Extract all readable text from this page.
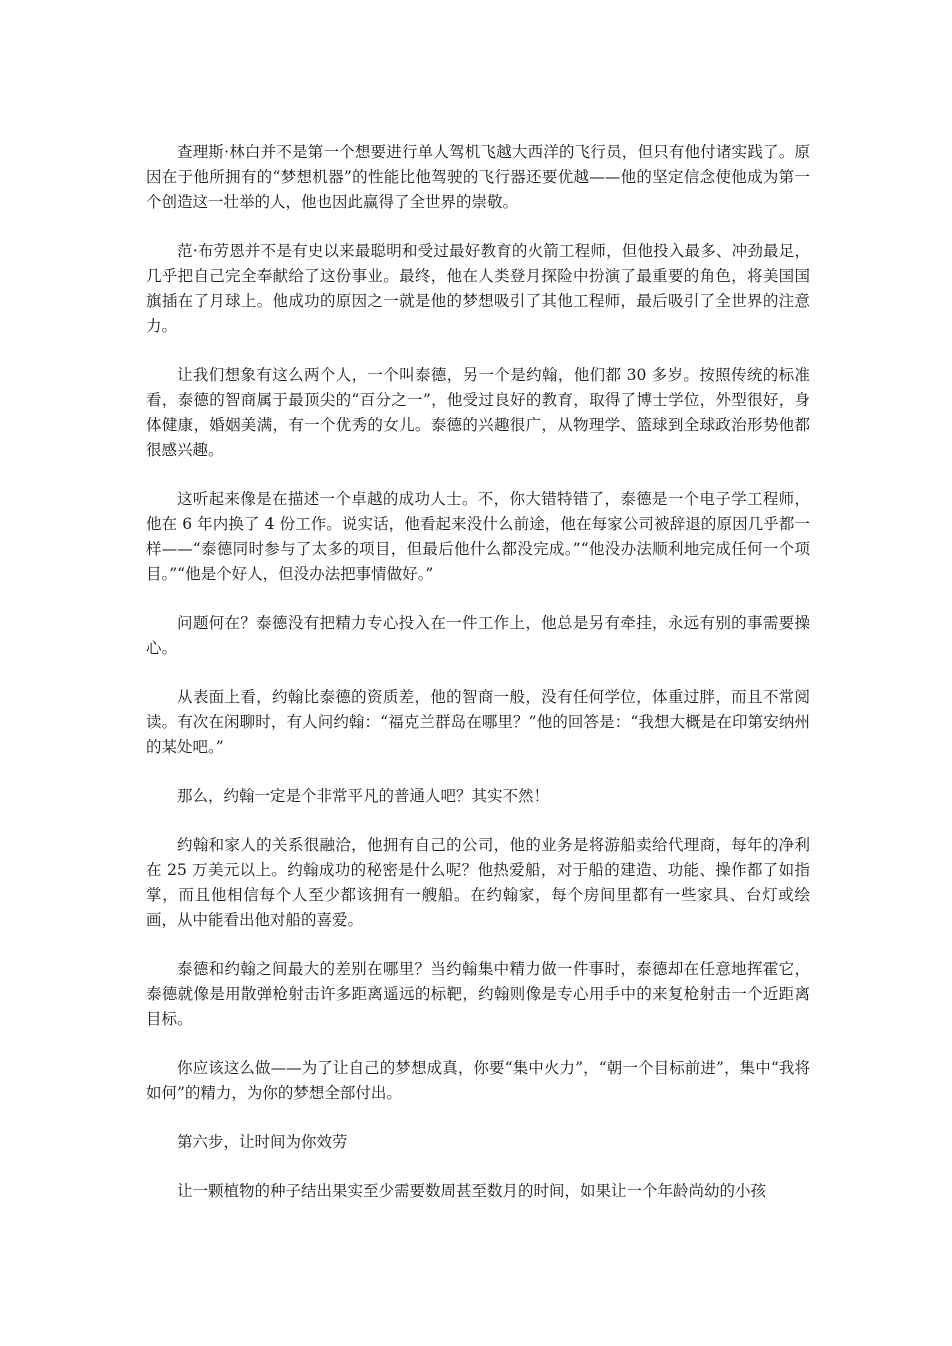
查理斯·林白并不是第一个想要进行单人驾机飞越大西洋的飞行员，但只有他付诸实践了。原因在于他所拥有的“梦想机器”的性能比他驾驶的飞行器还要优越——他的坚定信念使他成为第一个创造这一壮举的人，他也因此赢得了全世界的崇敬。

范·布劳恩并不是有史以来最聪明和受过最好教育的火箭工程师，但他投入最多、冲劲最足，几乎把自己完全奉献给了这份事业。最终，他在人类登月探险中扮演了最重要的角色，将美国国旗插在了月球上。他成功的原因之一就是他的梦想吸引了其他工程师，最后吸引了全世界的注意力。

让我们想象有这么两个人，一个叫泰德，另一个是约翰，他们都 30 多岁。按照传统的标准看，泰德的智商属于最顶尖的“百分之一”，他受过良好的教育，取得了博士学位，外型很好，身体健康，婚姻美满，有一个优秀的女儿。泰德的兴趣很广，从物理学、篮球到全球政治形势他都很感兴趣。

这听起来像是在描述一个卓越的成功人士。不，你大错特错了，泰德是一个电子学工程师，他在 6 年内换了 4 份工作。说实话，他看起来没什么前途，他在每家公司被辞退的原因几乎都一样——“泰德同时参与了太多的项目，但最后他什么都没完成。”“他没办法顺利地完成任何一个项目。”“他是个好人，但没办法把事情做好。”

问题何在？泰德没有把精力专心投入在一件工作上，他总是另有牵挂，永远有别的事需要操心。

从表面上看，约翰比泰德的资质差，他的智商一般，没有任何学位，体重过胖，而且不常阅读。有次在闲聊时，有人问约翰：“福克兰群岛在哪里？”他的回答是：“我想大概是在印第安纳州的某处吧。”

那么，约翰一定是个非常平凡的普通人吧？其实不然！

约翰和家人的关系很融洽，他拥有自己的公司，他的业务是将游船卖给代理商，每年的净利在 25 万美元以上。约翰成功的秘密是什么呢？他热爱船，对于船的建造、功能、操作都了如指掌，而且他相信每个人至少都该拥有一艘船。在约翰家，每个房间里都有一些家具、台灯或绘画，从中能看出他对船的喜爱。

泰德和约翰之间最大的差别在哪里？当约翰集中精力做一件事时，泰德却在任意地挥霍它，泰德就像是用散弹枪射击许多距离遥远的标靶，约翰则像是专心用手中的来复枪射击一个近距离目标。

你应该这么做——为了让自己的梦想成真，你要“集中火力”，“朝一个目标前进”，集中“我将如何”的精力，为你的梦想全部付出。

第六步，让时间为你效劳

让一颗植物的种子结出果实至少需要数周甚至数月的时间，如果让一个年龄尚幼的小孩
